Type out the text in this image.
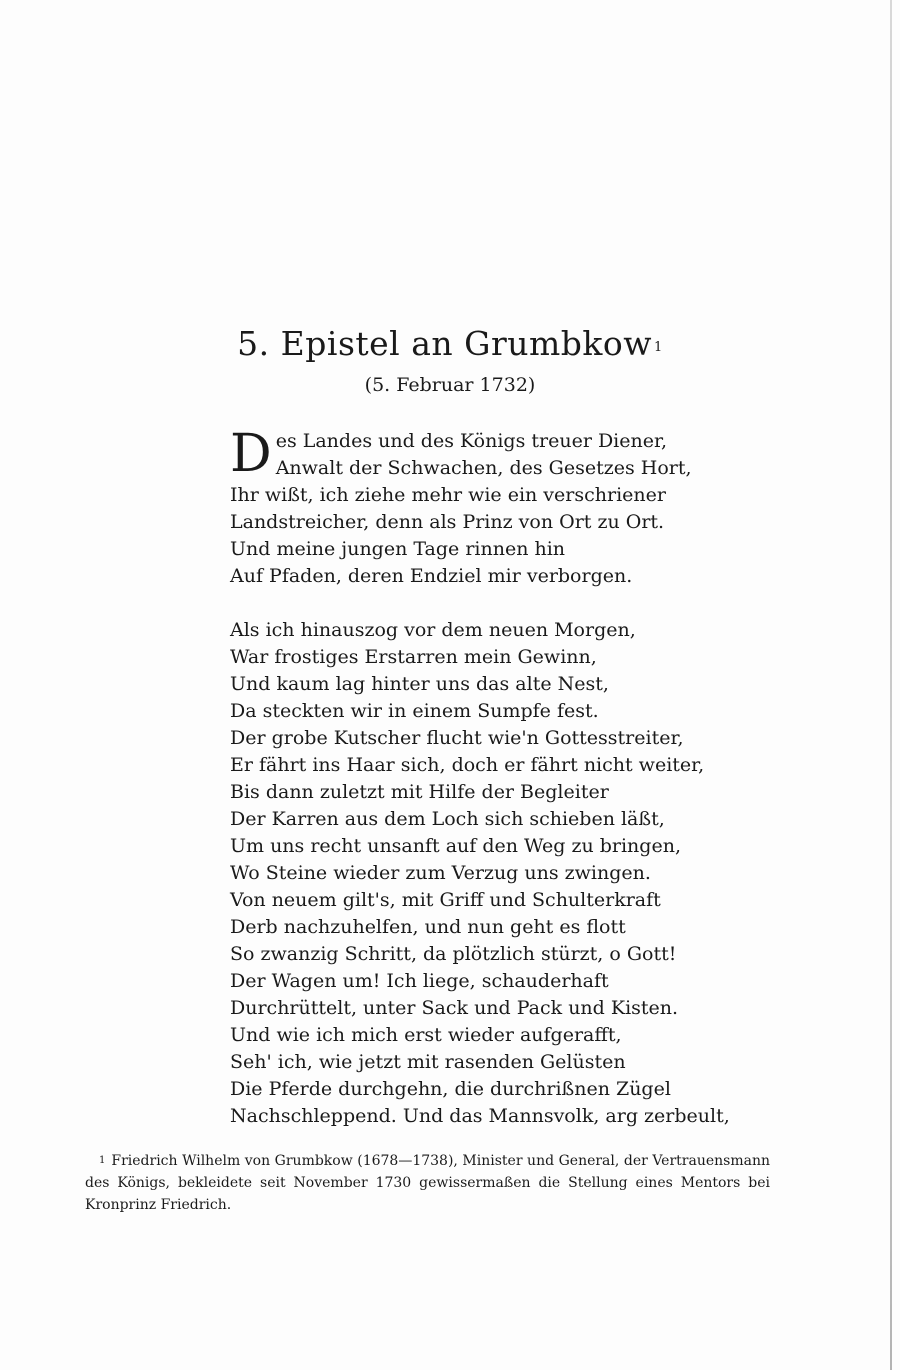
5. Epistel an Grumbkow $^1$
(5. Februar 1732)
D es Landes und des Königs treuer Diener,
Anwalt der Schwachen, des Gesetzes Hort,
Ihr wißt, ich ziehe mehr wie ein verschriener
Landstreicher, denn als Prinz von Ort zu Ort.
Und meine jungen Tage rinnen hin
Auf Pfaden, deren Endziel mir verborgen.
Als ich hinauszog vor dem neuen Morgen,
War frostiges Erstarren mein Gewinn,
Und kaum lag hinter uns das alte Nest,
Da steckten wir in einem Sumpfe fest.
Der grobe Kutscher flucht wie'n Gottesstreiter,
Er fährt ins Haar sich, doch er fährt nicht weiter,
Bis dann zuletzt mit Hilfe der Begleiter
Der Karren aus dem Loch sich schieben läßt,
Um uns recht unsanft auf den Weg zu bringen,
Wo Steine wieder zum Verzug uns zwingen.
Von neuem gilt's, mit Griff und Schulterkraft
Derb nachzuhelfen, und nun geht es flott
So zwanzig Schritt, da plötzlich stürzt, o Gott!
Der Wagen um! Ich liege, schauderhaft
Durchrüttelt, unter Sack und Pack und Kisten.
Und wie ich mich erst wieder aufgerafft,
Seh' ich, wie jetzt mit rasenden Gelüsten
Die Pferde durchgehn, die durchrißnen Zügel
Nachschleppend. Und das Mannsvolk, arg zerbeult,
$^1$ Friedrich Wilhelm von Grumbkow (1678—1738), Minister und General, der Vertrauensmann des Königs, bekleidete seit November 1730 gewissermaßen die Stellung eines Mentors bei Kronprinz Friedrich.
